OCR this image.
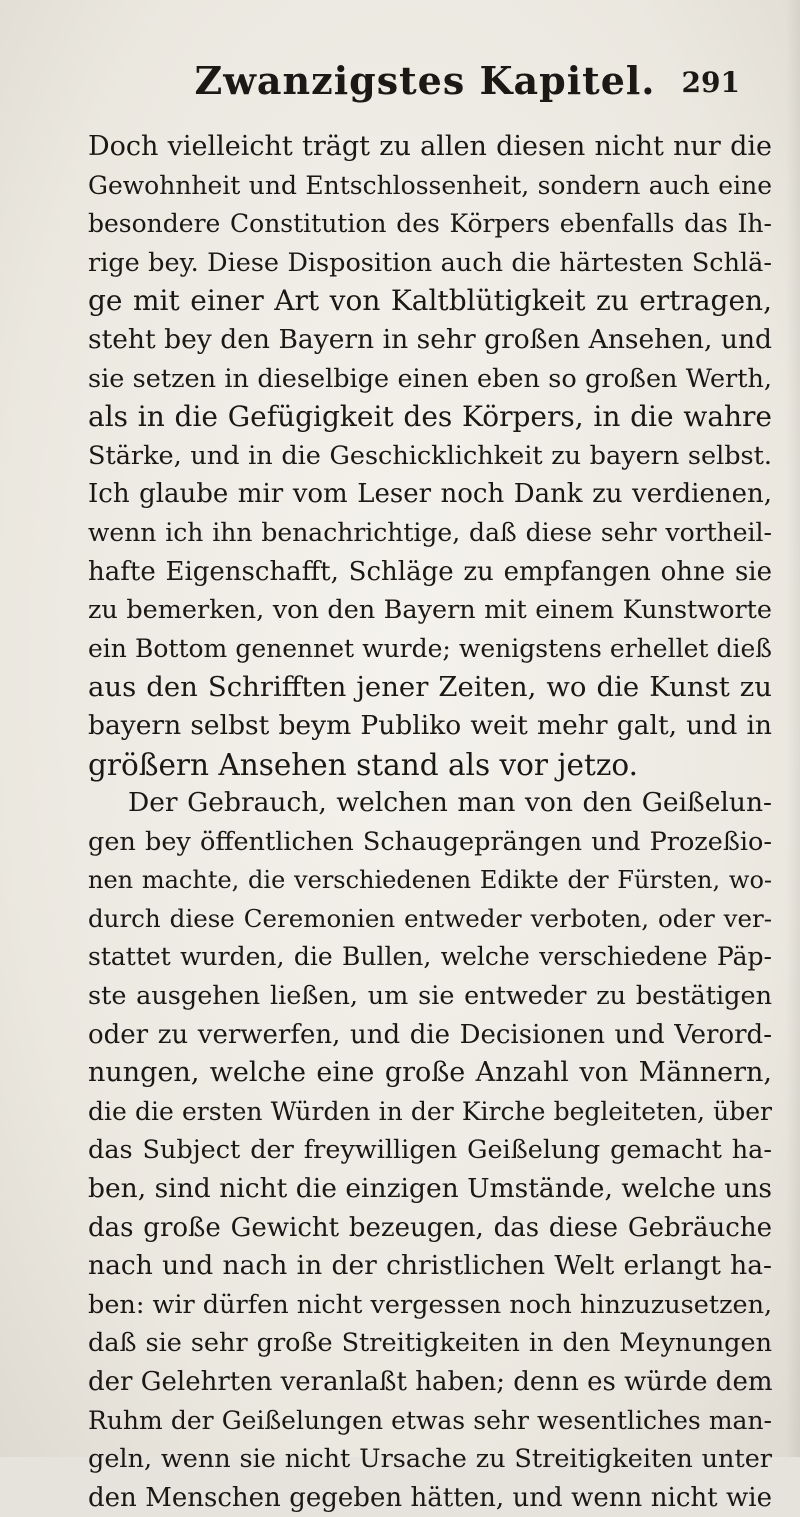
Zwanzigstes Kapitel. 291
Doch vielleicht trägt zu allen diesen nicht nur die
Gewohnheit und Entschlossenheit, sondern auch eine
besondere Constitution des Körpers ebenfalls das Ih-
rige bey. Diese Disposition auch die härtesten Schlä-
ge mit einer Art von Kaltblütigkeit zu ertragen,
steht bey den Bayern in sehr großen Ansehen, und
sie setzen in dieselbige einen eben so großen Werth,
als in die Gefügigkeit des Körpers, in die wahre
Stärke, und in die Geschicklichkeit zu bayern selbst.
Ich glaube mir vom Leser noch Dank zu verdienen,
wenn ich ihn benachrichtige, daß diese sehr vortheil-
hafte Eigenschafft, Schläge zu empfangen ohne sie
zu bemerken, von den Bayern mit einem Kunstworte
ein Bottom genennet wurde; wenigstens erhellet dieß
aus den Schrifften jener Zeiten, wo die Kunst zu
bayern selbst beym Publiko weit mehr galt, und in
größern Ansehen stand als vor jetzo.
Der Gebrauch, welchen man von den Geißelun-
gen bey öffentlichen Schaugeprängen und Prozeßio-
nen machte, die verschiedenen Edikte der Fürsten, wo-
durch diese Ceremonien entweder verboten, oder ver-
stattet wurden, die Bullen, welche verschiedene Päp-
ste ausgehen ließen, um sie entweder zu bestätigen
oder zu verwerfen, und die Decisionen und Verord-
nungen, welche eine große Anzahl von Männern,
die die ersten Würden in der Kirche begleiteten, über
das Subject der freywilligen Geißelung gemacht ha-
ben, sind nicht die einzigen Umstände, welche uns
das große Gewicht bezeugen, das diese Gebräuche
nach und nach in der christlichen Welt erlangt ha-
ben: wir dürfen nicht vergessen noch hinzuzusetzen,
daß sie sehr große Streitigkeiten in den Meynungen
der Gelehrten veranlaßt haben; denn es würde dem
Ruhm der Geißelungen etwas sehr wesentliches man-
geln, wenn sie nicht Ursache zu Streitigkeiten unter
den Menschen gegeben hätten, und wenn nicht wie
